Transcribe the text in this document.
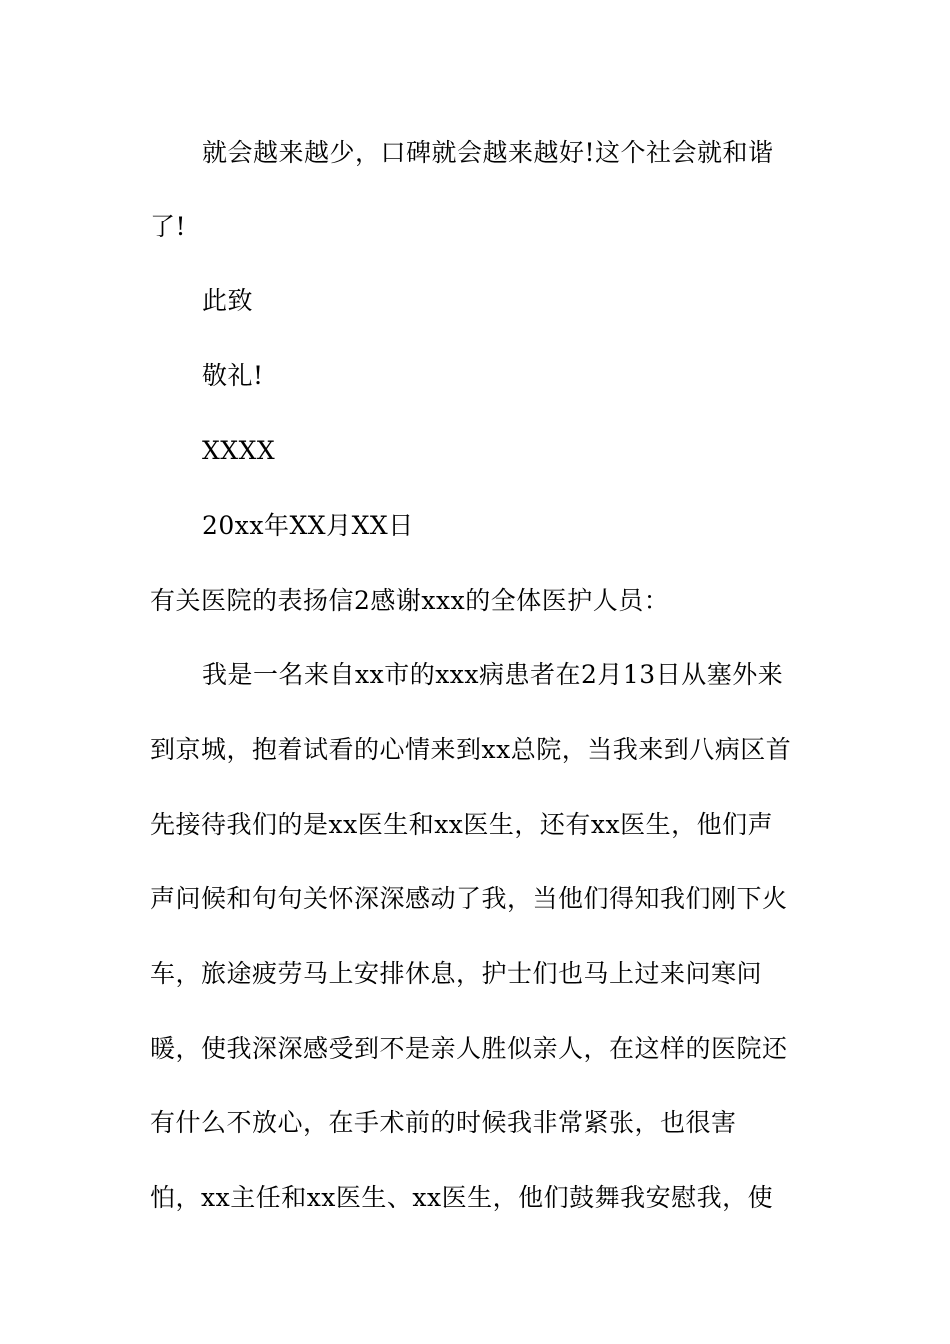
就会越来越少，口碑就会越来越好!这个社会就和谐
了!
此致
敬礼!
XXXX
20xx年XX月XX日
有关医院的表扬信2感谢xxx的全体医护人员：
我是一名来自xx市的xxx病患者在2月13日从塞外来
到京城，抱着试看的心情来到xx总院，当我来到八病区首
先接待我们的是xx医生和xx医生，还有xx医生，他们声
声问候和句句关怀深深感动了我，当他们得知我们刚下火
车，旅途疲劳马上安排休息，护士们也马上过来问寒问
暖，使我深深感受到不是亲人胜似亲人，在这样的医院还
有什么不放心，在手术前的时候我非常紧张，也很害
怕，xx主任和xx医生、xx医生，他们鼓舞我安慰我，使
